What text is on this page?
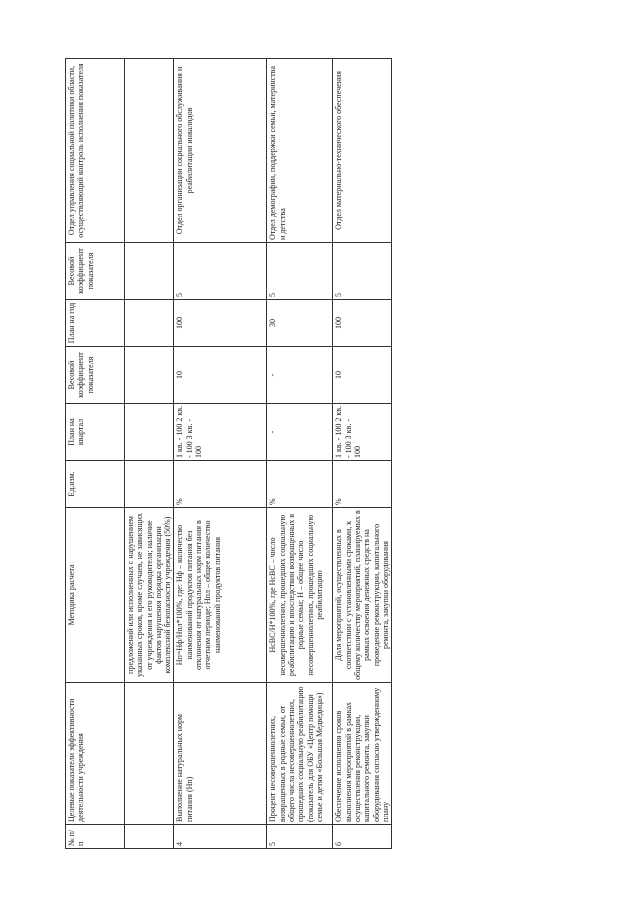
№ п/п	Целевые показатели эффективности деятельности учреждения	Методика расчета	Ед.изм.	План на квартал	Весовой коэффициент показателя	План на год	Весовой коэффициент показателя	Отдел управления социальной политики области, осуществляющий контроль исполнения показателя
		предложений или исполненных с нарушением указанных сроков, кроме случаев, не зависящих от учреждения и его руководителя; наличие фактов нарушения порядка организации комплексной безопасности учреждения (50%)						
4	Выполнение натуральных норм питания (Нп)	Нп=Нф/Нпл*100%, где: Нф – количество наименований продуктов питания без отклонения от натуральных норм питания в отчетном периоде; Нпл – общее количество наименований продуктов питания	%	1 кв. - 100 2 кв. - 100 3 кв. - 100	10	100	5	Отдел организации социального обслуживания и реабилитации инвалидов
5	Процент несовершеннолетних, возвращенных в родные семьи, от общего числа несовершеннолетних, прошедших социальную реабилитацию (показатель для ОБУ «Центр помощи семье и детям «Большая Медведица»)	НсВС/Н*100%, где НсВС – число несовершеннолетних, прошедших социальную реабилитацию и впоследствии возвращенных в родные семьи; Н – общее число несовершеннолетних, прошедших социальную реабилитацию	%	-	-	30	5	Отдел демографии, поддержки семьи, материнства и детства
6	Обеспечение исполнения сроков выполнения мероприятий в рамках осуществления реконструкции, капитального ремонта, закупки оборудования согласно утвержденному плану	Доля мероприятий, осуществленных в соответствии с установленными сроками, к общему количеству мероприятий, планируемых в рамках освоения денежных средств на проведение реконструкции, капитального ремонта, закупки оборудования	%	1 кв. - 100 2 кв. - 100 3 кв. - 100	10	100	5	Отдел материально-технического обеспечения
